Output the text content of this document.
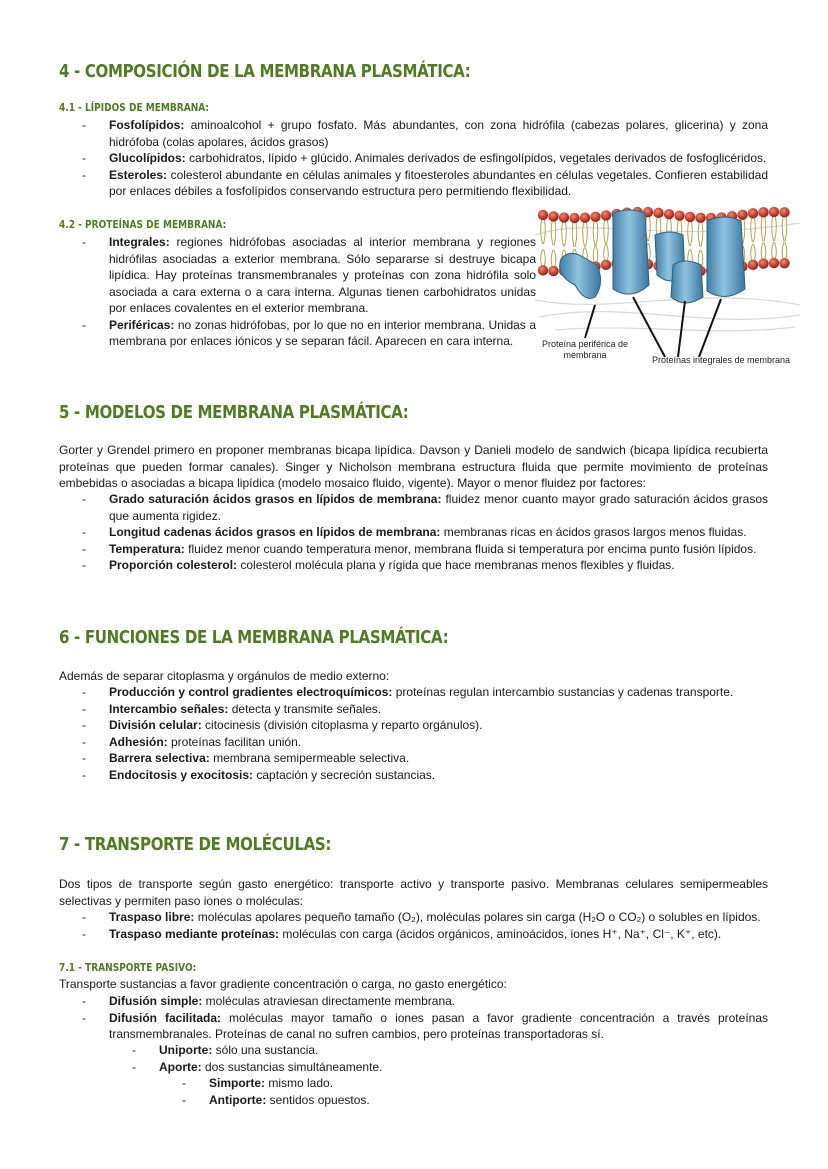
4 - COMPOSICIÓN DE LA MEMBRANA PLASMÁTICA:
4.1 - LÍPIDOS DE MEMBRANA:
- Fosfolípidos: aminoalcohol + grupo fosfato. Más abundantes, con zona hidrófila (cabezas polares, glicerina) y zona hidrófoba (colas apolares, ácidos grasos)
- Glucolípidos: carbohidratos, lípido + glúcido. Animales derivados de esfingolípidos, vegetales derivados de fosfoglicéridos.
- Esteroles: colesterol abundante en células animales y fitoesteroles abundantes en células vegetales. Confieren estabilidad por enlaces débiles a fosfolípidos conservando estructura pero permitiendo flexibilidad.
4.2 - PROTEÍNAS DE MEMBRANA:
- Integrales: regiones hidrófobas asociadas al interior membrana y regiones hidrófilas asociadas a exterior membrana. Sólo separarse si destruye bicapa lipídica. Hay proteínas transmembranales y proteínas con zona hidrófila solo asociada a cara externa o a cara interna. Algunas tienen carbohidratos unidas por enlaces covalentes en el exterior membrana.
- Periféricas: no zonas hidrófobas, por lo que no en interior membrana. Unidas a membrana por enlaces iónicos y se separan fácil. Aparecen en cara interna.	Proteína periférica de membrana	Proteínas integrales de membrana
5 - MODELOS DE MEMBRANA PLASMÁTICA:
Gorter y Grendel primero en proponer membranas bicapa lipídica. Davson y Danieli modelo de sandwich (bicapa lipídica recubierta proteínas que pueden formar canales). Singer y Nicholson membrana estructura fluida que permite movimiento de proteínas embebidas o asociadas a bicapa lipídica (modelo mosaico fluido, vigente). Mayor o menor fluidez por factores:
- Grado saturación ácidos grasos en lípidos de membrana: fluidez menor cuanto mayor grado saturación ácidos grasos que aumenta rigidez.
- Longitud cadenas ácidos grasos en lípidos de membrana: membranas ricas en ácidos grasos largos menos fluidas.
- Temperatura: fluidez menor cuando temperatura menor, membrana fluida si temperatura por encima punto fusión lípidos.
- Proporción colesterol: colesterol molécula plana y rígida que hace membranas menos flexibles y fluidas.
6 - FUNCIONES DE LA MEMBRANA PLASMÁTICA:
Además de separar citoplasma y orgánulos de medio externo:
- Producción y control gradientes electroquímicos: proteínas regulan intercambio sustancias y cadenas transporte.
- Intercambio señales: detecta y transmite señales.
- División celular: citocinesis (división citoplasma y reparto orgánulos).
- Adhesión: proteínas facilitan unión.
- Barrera selectiva: membrana semipermeable selectiva.
- Endocitosis y exocitosis: captación y secreción sustancias.
7 - TRANSPORTE DE MOLÉCULAS:
Dos tipos de transporte según gasto energético: transporte activo y transporte pasivo. Membranas celulares semipermeables selectivas y permiten paso iones o moléculas:
- Traspaso libre: moléculas apolares pequeño tamaño (O₂), moléculas polares sin carga (H₂O o CO₂) o solubles en lípidos.
- Traspaso mediante proteínas: moléculas con carga (ácidos orgánicos, aminoácidos, iones H⁺, Na⁺, Cl⁻, K⁺, etc).
7.1 - TRANSPORTE PASIVO:
Transporte sustancias a favor gradiente concentración o carga, no gasto energético:
- Difusión simple: moléculas atraviesan directamente membrana.
- Difusión facilitada: moléculas mayor tamaño o iones pasan a favor gradiente concentración a través proteínas transmembranales. Proteínas de canal no sufren cambios, pero proteínas transportadoras sí.
- Uniporte: sólo una sustancia.
- Aporte: dos sustancias simultáneamente.
- Simporte: mismo lado.
- Antiporte: sentidos opuestos.
